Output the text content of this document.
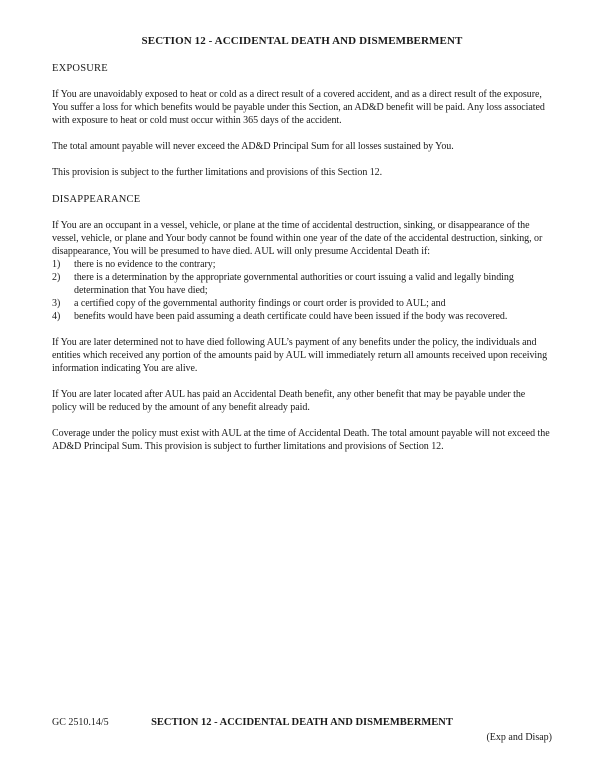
SECTION 12 - ACCIDENTAL DEATH AND DISMEMBERMENT
EXPOSURE
If You are unavoidably exposed to heat or cold as a direct result of a covered accident, and as a direct result of the exposure, You suffer a loss for which benefits would be payable under this Section, an AD&D benefit will be paid. Any loss associated with exposure to heat or cold must occur within 365 days of the accident.
The total amount payable will never exceed the AD&D Principal Sum for all losses sustained by You.
This provision is subject to the further limitations and provisions of this Section 12.
DISAPPEARANCE
If You are an occupant in a vessel, vehicle, or plane at the time of accidental destruction, sinking, or disappearance of the vessel, vehicle, or plane and Your body cannot be found within one year of the date of the accidental destruction, sinking, or disappearance, You will be presumed to have died. AUL will only presume Accidental Death if:
1)	there is no evidence to the contrary;
2)	there is a determination by the appropriate governmental authorities or court issuing a valid and legally binding determination that You have died;
3)	a certified copy of the governmental authority findings or court order is provided to AUL; and
4)	benefits would have been paid assuming a death certificate could have been issued if the body was recovered.
If You are later determined not to have died following AUL’s payment of any benefits under the policy, the individuals and entities which received any portion of the amounts paid by AUL will immediately return all amounts received upon receiving information indicating You are alive.
If You are later located after AUL has paid an Accidental Death benefit, any other benefit that may be payable under the policy will be reduced by the amount of any benefit already paid.
Coverage under the policy must exist with AUL at the time of Accidental Death. The total amount payable will not exceed the AD&D Principal Sum. This provision is subject to further limitations and provisions of Section 12.
GC 2510.14/5	SECTION 12 - ACCIDENTAL DEATH AND DISMEMBERMENT
(Exp and Disap)
